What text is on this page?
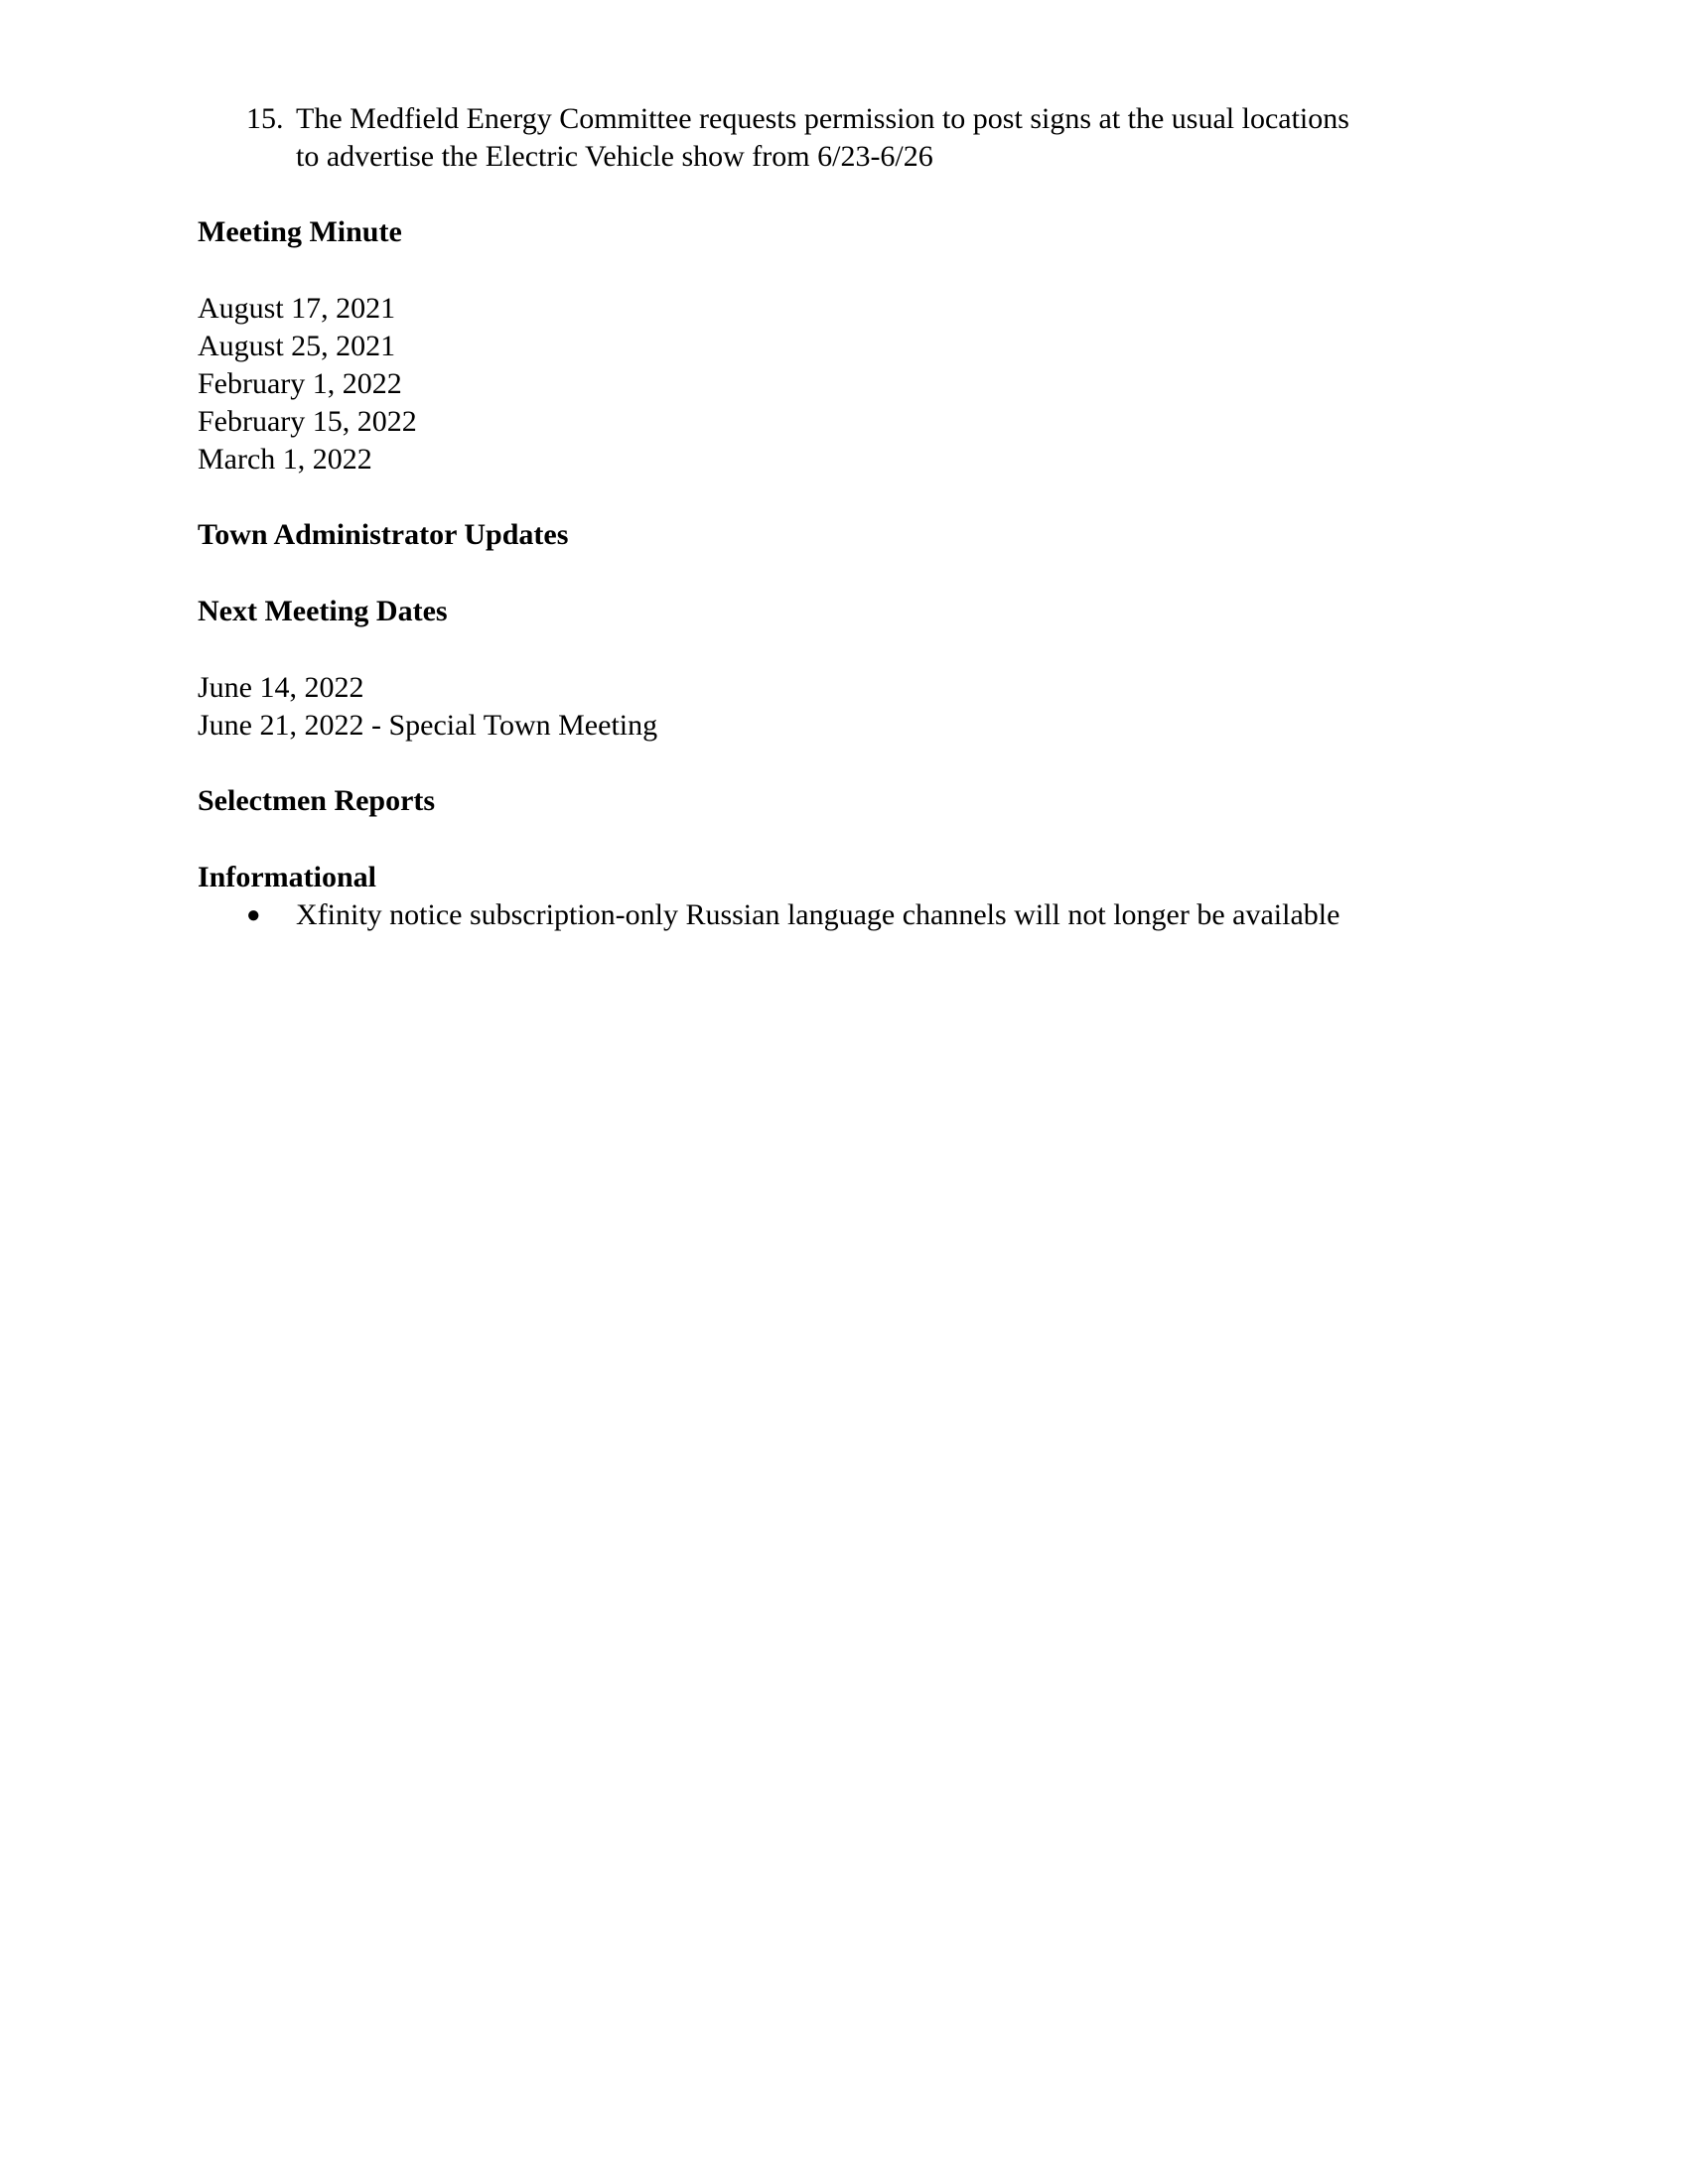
15. The Medfield Energy Committee requests permission to post signs at the usual locations
to advertise the Electric Vehicle show from 6/23-6/26
Meeting Minute
August 17, 2021
August 25, 2021
February 1, 2022
February 15, 2022
March 1, 2022
Town Administrator Updates
Next Meeting Dates
June 14, 2022
June 21, 2022 - Special Town Meeting
Selectmen Reports
Informational
● Xfinity notice subscription-only Russian language channels will not longer be available
